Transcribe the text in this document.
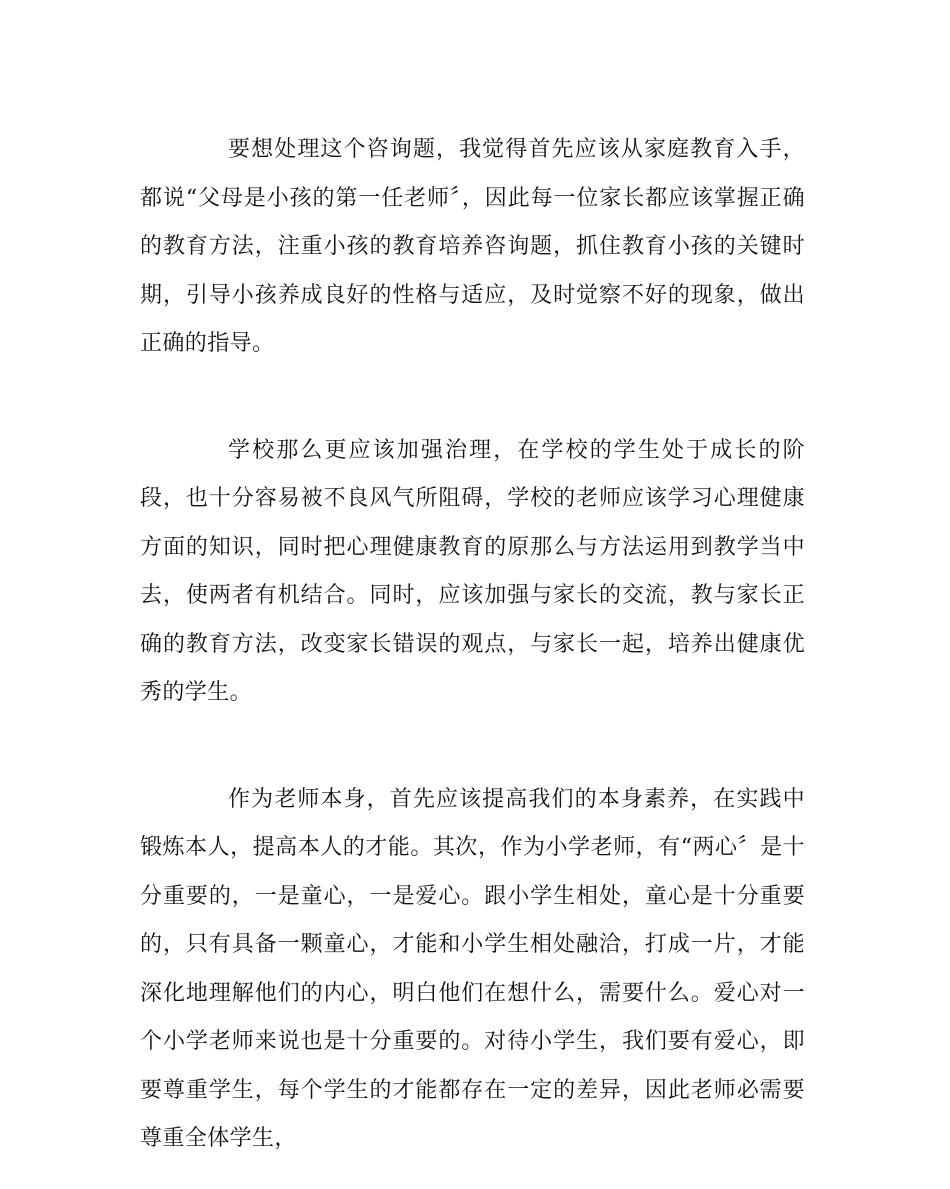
要想处理这个咨询题，我觉得首先应该从家庭教育入手，都说“父母是小孩的第一任老师〞，因此每一位家长都应该掌握正确的教育方法，注重小孩的教育培养咨询题，抓住教育小孩的关键时期，引导小孩养成良好的性格与适应，及时觉察不好的现象，做出正确的指导。

学校那么更应该加强治理，在学校的学生处于成长的阶段，也十分容易被不良风气所阻碍，学校的老师应该学习心理健康方面的知识，同时把心理健康教育的原那么与方法运用到教学当中去，使两者有机结合。同时，应该加强与家长的交流，教与家长正确的教育方法，改变家长错误的观点，与家长一起，培养出健康优秀的学生。

作为老师本身，首先应该提高我们的本身素养，在实践中锻炼本人，提高本人的才能。其次，作为小学老师，有“两心〞是十分重要的，一是童心，一是爱心。跟小学生相处，童心是十分重要的，只有具备一颗童心，才能和小学生相处融洽，打成一片，才能深化地理解他们的内心，明白他们在想什么，需要什么。爱心对一个小学老师来说也是十分重要的。对待小学生，我们要有爱心，即要尊重学生，每个学生的才能都存在一定的差异，因此老师必需要尊重全体学生，
